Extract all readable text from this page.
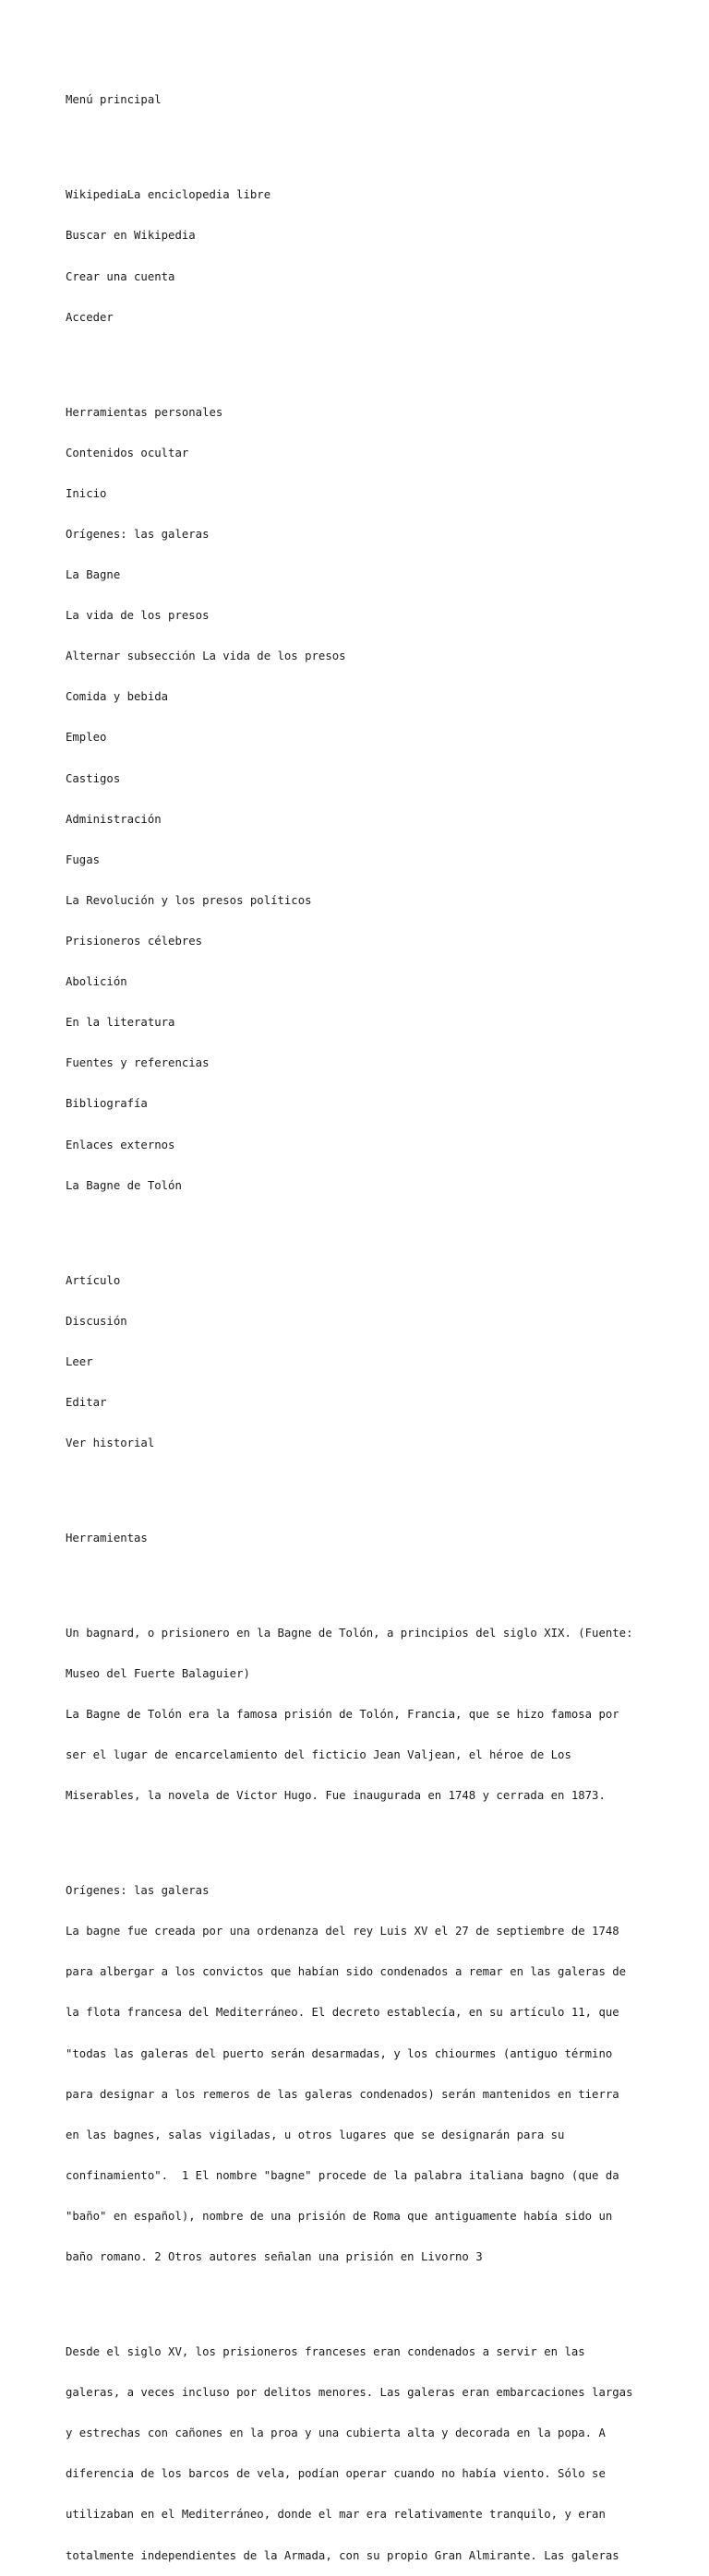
Menú principal

WikipediaLa enciclopedia libre

Buscar en Wikipedia

Crear una cuenta

Acceder

Herramientas personales

Contenidos ocultar

Inicio

Orígenes: las galeras

La Bagne

La vida de los presos

Alternar subsección La vida de los presos

Comida y bebida

Empleo

Castigos

Administración

Fugas

La Revolución y los presos políticos

Prisioneros célebres

Abolición

En la literatura

Fuentes y referencias

Bibliografía

Enlaces externos

La Bagne de Tolón

Artículo

Discusión

Leer

Editar

Ver historial

Herramientas

Un bagnard, o prisionero en la Bagne de Tolón, a principios del siglo XIX. (Fuente:

Museo del Fuerte Balaguier)

La Bagne de Tolón era la famosa prisión de Tolón, Francia, que se hizo famosa por

ser el lugar de encarcelamiento del ficticio Jean Valjean, el héroe de Los

Miserables, la novela de Victor Hugo. Fue inaugurada en 1748 y cerrada en 1873.

Orígenes: las galeras

La bagne fue creada por una ordenanza del rey Luis XV el 27 de septiembre de 1748

para albergar a los convictos que habían sido condenados a remar en las galeras de

la flota francesa del Mediterráneo. El decreto establecía, en su artículo 11, que

"todas las galeras del puerto serán desarmadas, y los chiourmes (antiguo término

para designar a los remeros de las galeras condenados) serán mantenidos en tierra

en las bagnes, salas vigiladas, u otros lugares que se designarán para su

confinamiento".  1 El nombre "bagne" procede de la palabra italiana bagno (que da

"baño" en español), nombre de una prisión de Roma que antiguamente había sido un

baño romano. 2 Otros autores señalan una prisión en Livorno 3

Desde el siglo XV, los prisioneros franceses eran condenados a servir en las

galeras, a veces incluso por delitos menores. Las galeras eran embarcaciones largas

y estrechas con cañones en la proa y una cubierta alta y decorada en la popa. A

diferencia de los barcos de vela, podían operar cuando no había viento. Sólo se

utilizaban en el Mediterráneo, donde el mar era relativamente tranquilo, y eran

totalmente independientes de la Armada, con su propio Gran Almirante. Las galeras
